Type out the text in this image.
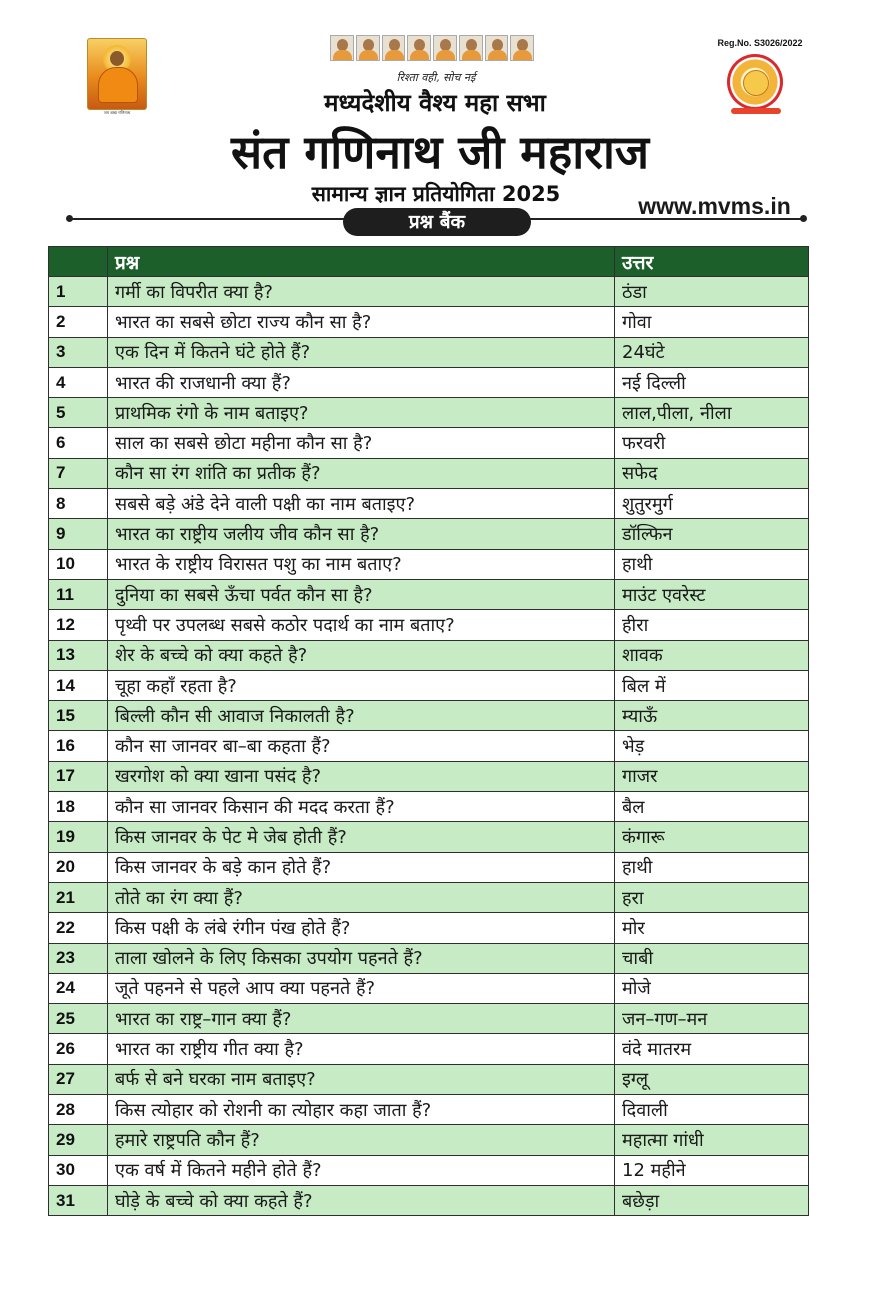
जय बाबा गणिनाथ
रिश्ता वही, सोच नई
मध्यदेशीय वैश्य महा सभा
संत गणिनाथ जी महाराज
सामान्य ज्ञान प्रतियोगिता 2025
Reg.No. S3026/2022
प्रश्न बैंक
www.mvms.in
	प्रश्न	उत्तर
1	गर्मी का विपरीत क्या है?	ठंडा
2	भारत का सबसे छोटा राज्य कौन सा है?	गोवा
3	एक दिन में कितने घंटे होते हैं?	24घंटे
4	भारत की राजधानी क्या हैं?	नई दिल्ली
5	प्राथमिक रंगो के नाम बताइए?	लाल,पीला, नीला
6	साल का सबसे छोटा महीना कौन सा है?	फरवरी
7	कौन सा रंग शांति का प्रतीक हैं?	सफेद
8	सबसे बड़े अंडे देने वाली पक्षी का नाम बताइए?	शुतुरमुर्ग
9	भारत का राष्ट्रीय जलीय जीव कौन सा है?	डॉल्फिन
10	भारत के राष्ट्रीय विरासत पशु का नाम बताए?	हाथी
11	दुनिया का सबसे ऊँचा पर्वत कौन सा है?	माउंट एवरेस्ट
12	पृथ्वी पर उपलब्ध सबसे कठोर पदार्थ का नाम बताए?	हीरा
13	शेर के बच्चे को क्या कहते है?	शावक
14	चूहा कहाँ रहता है?	बिल में
15	बिल्ली कौन सी आवाज निकालती है?	म्याऊँ
16	कौन सा जानवर बा–बा कहता हैं?	भेड़
17	खरगोश को क्या खाना पसंद है?	गाजर
18	कौन सा जानवर किसान की मदद करता हैं?	बैल
19	किस जानवर के पेट मे जेब होती हैं?	कंगारू
20	किस जानवर के बड़े कान होते हैं?	हाथी
21	तोते का रंग क्या हैं?	हरा
22	किस पक्षी के लंबे रंगीन पंख होते हैं?	मोर
23	ताला खोलने के लिए किसका उपयोग पहनते हैं?	चाबी
24	जूते पहनने से पहले आप क्या पहनते हैं?	मोजे
25	भारत का राष्ट्र–गान क्या हैं?	जन–गण–मन
26	भारत का राष्ट्रीय गीत क्या है?	वंदे मातरम
27	बर्फ से बने घरका नाम बताइए?	इग्लू
28	किस त्योहार को रोशनी का त्योहार कहा जाता हैं?	दिवाली
29	हमारे राष्ट्रपति कौन हैं?	महात्मा गांधी
30	एक वर्ष में कितने महीने होते हैं?	12 महीने
31	घोड़े के बच्चे को क्या कहते हैं?	बछेड़ा
